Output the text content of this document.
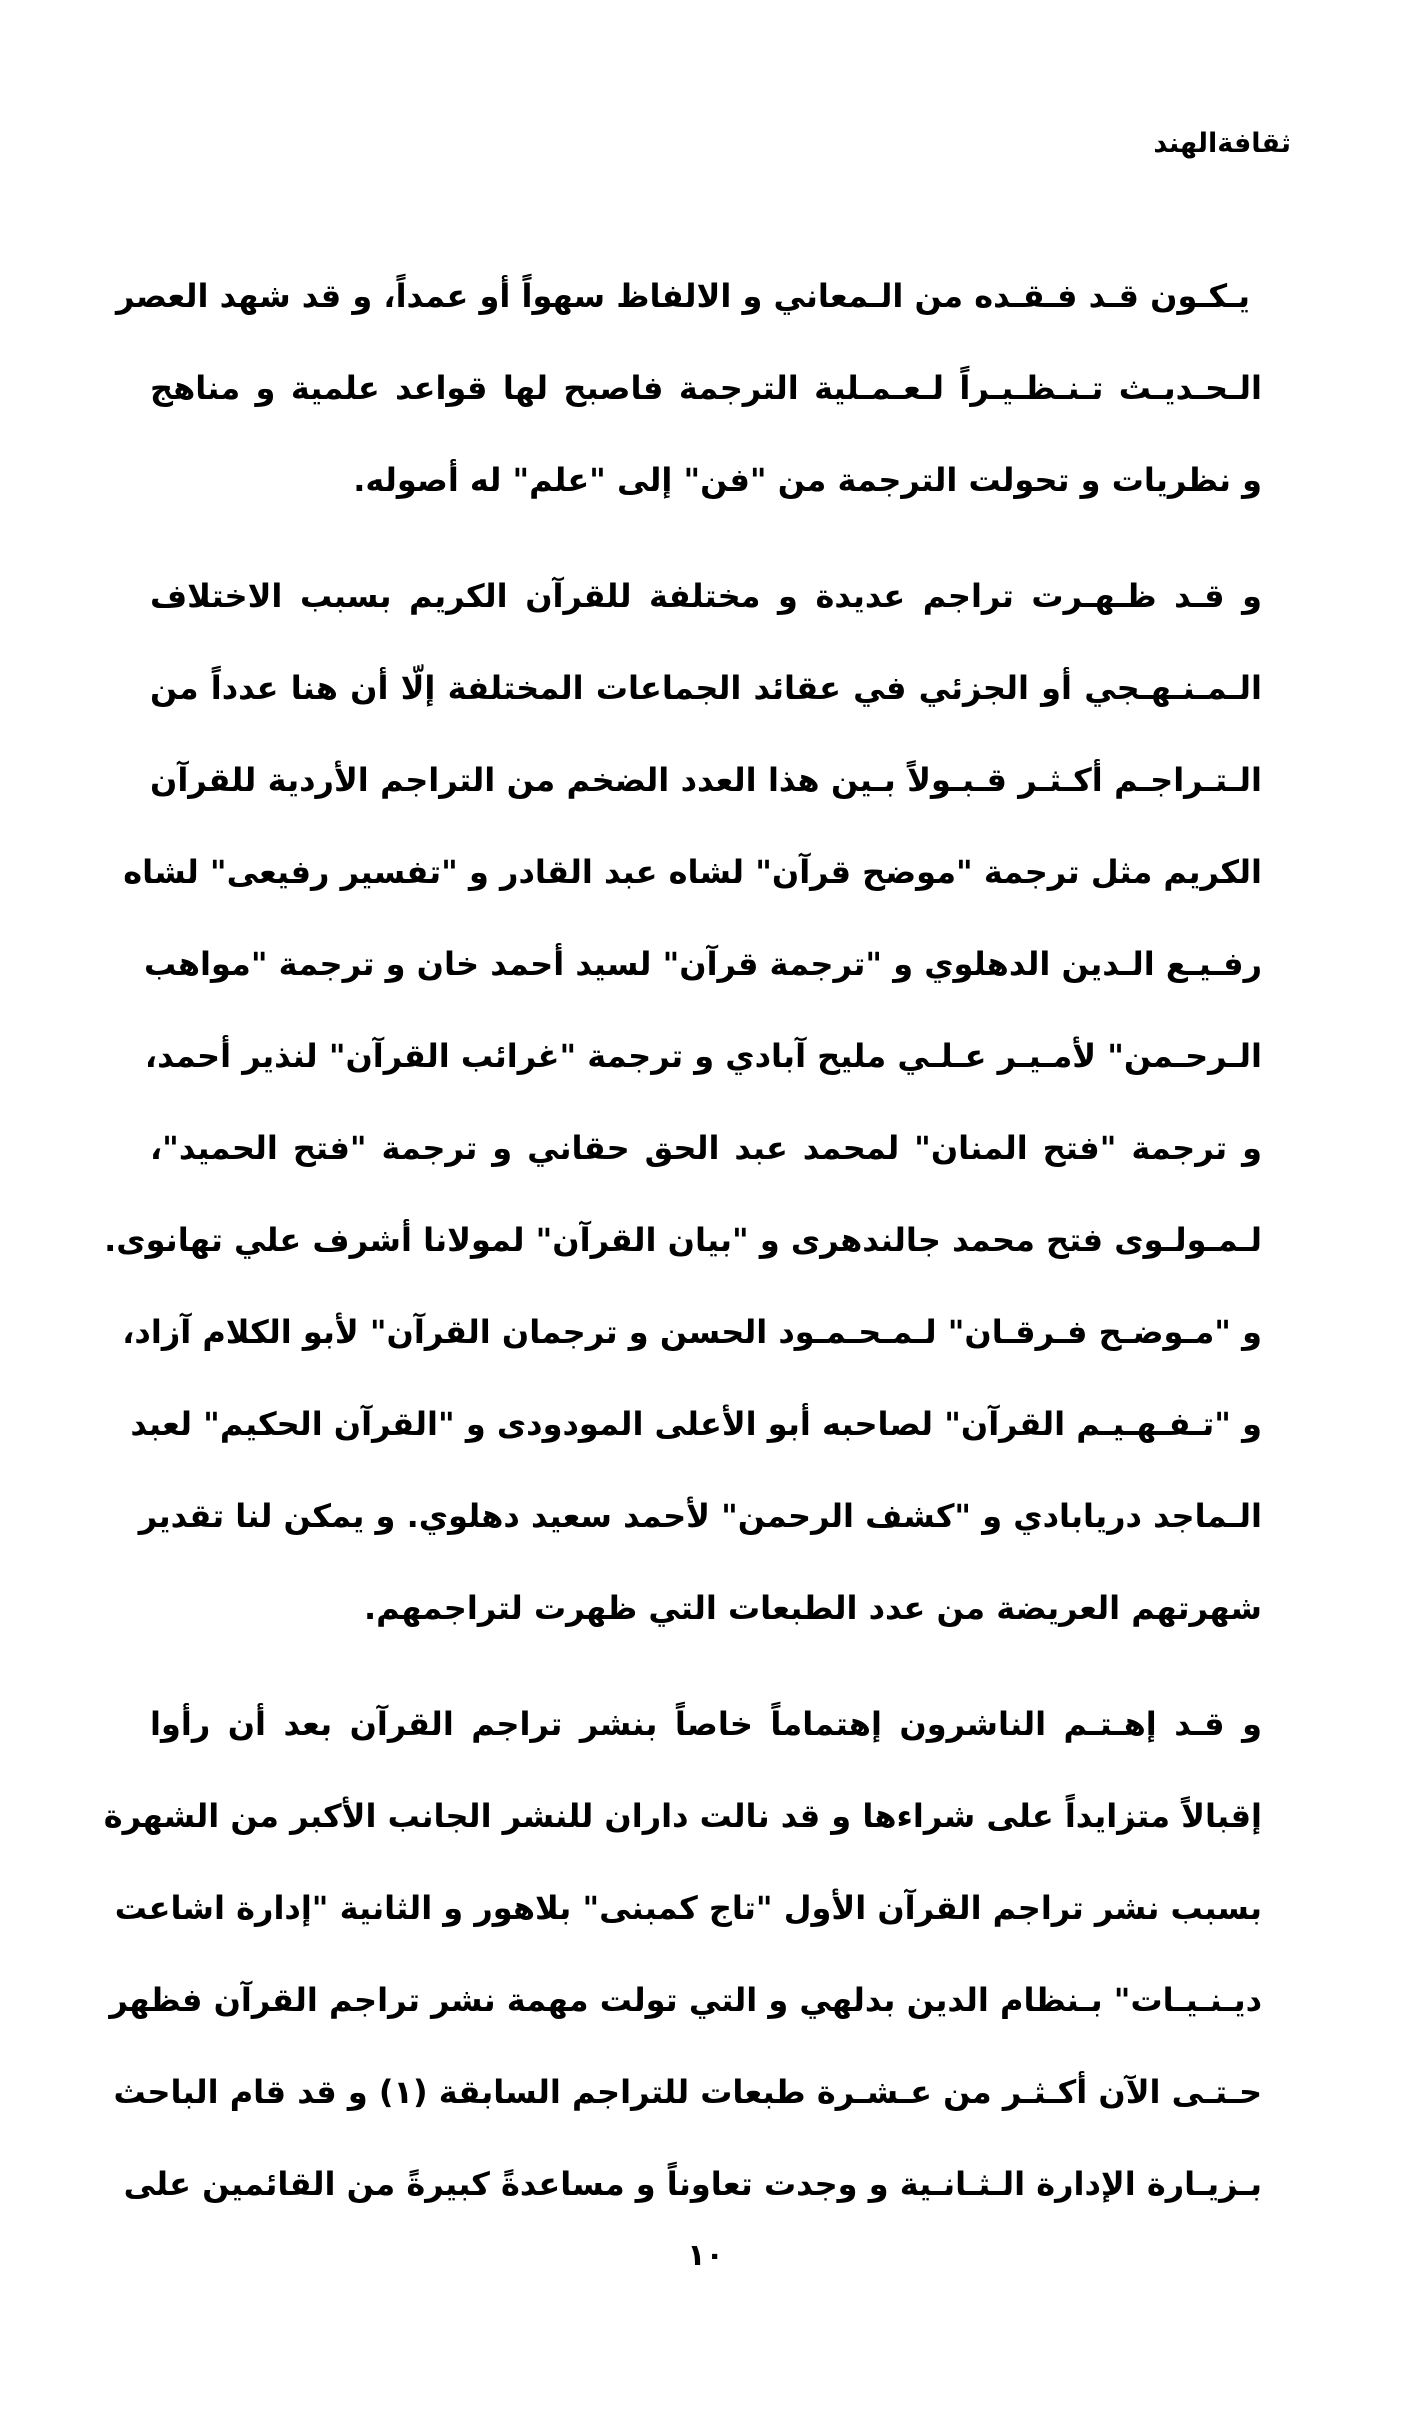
ثقافةالهند
يـكـون قـد فـقـده من الـمعاني و الالفاظ سهواً أو عمداً، و قد شهد العصر
الـحـديـث تـنـظـيـراً لـعـمـلية الترجمة فاصبح لها قواعد علمية و مناهج
و نظريات و تحولت الترجمة من "فن" إلى "علم" له أصوله.
و قـد ظـهـرت تراجم عديدة و مختلفة للقرآن الكريم بسبب الاختلاف
الـمـنـهـجي أو الجزئي في عقائد الجماعات المختلفة إلّا أن هنا عدداً من
الـتـراجـم أكـثـر قـبـولاً بـين هذا العدد الضخم من التراجم الأردية للقرآن
الكريم مثل ترجمة "موضح قرآن" لشاه عبد القادر و "تفسير رفيعى" لشاه
رفـيـع الـدين الدهلوي و "ترجمة قرآن" لسيد أحمد خان و ترجمة "مواهب
الـرحـمن" لأمـيـر عـلـي مليح آبادي و ترجمة "غرائب القرآن" لنذير أحمد،
و ترجمة "فتح المنان" لمحمد عبد الحق حقاني و ترجمة "فتح الحميد"،
لـمـولـوى فتح محمد جالندهرى و "بيان القرآن" لمولانا أشرف علي تهانوى.
و "مـوضـح فـرقـان" لـمـحـمـود الحسن و ترجمان القرآن" لأبو الكلام آزاد،
و "تـفـهـيـم القرآن" لصاحبه أبو الأعلى المودودى و "القرآن الحكيم" لعبد
الـماجد دريابادي و "كشف الرحمن" لأحمد سعيد دهلوي. و يمكن لنا تقدير
شهرتهم العريضة من عدد الطبعات التي ظهرت لتراجمهم.
و قـد إهـتـم الناشرون إهتماماً خاصاً بنشر تراجم القرآن بعد أن رأوا
إقبالاً متزايداً على شراءها و قد نالت داران للنشر الجانب الأكبر من الشهرة
بسبب نشر تراجم القرآن الأول "تاج كمبنى" بلاهور و الثانية "إدارة اشاعت
ديـنـيـات" بـنظام الدين بدلهي و التي تولت مهمة نشر تراجم القرآن فظهر
حـتـى الآن أكـثـر من عـشـرة طبعات للتراجم السابقة (١) و قد قام الباحث
بـزيـارة الإدارة الـثـانـية و وجدت تعاوناً و مساعدةً كبيرةً من القائمين على
١٠
